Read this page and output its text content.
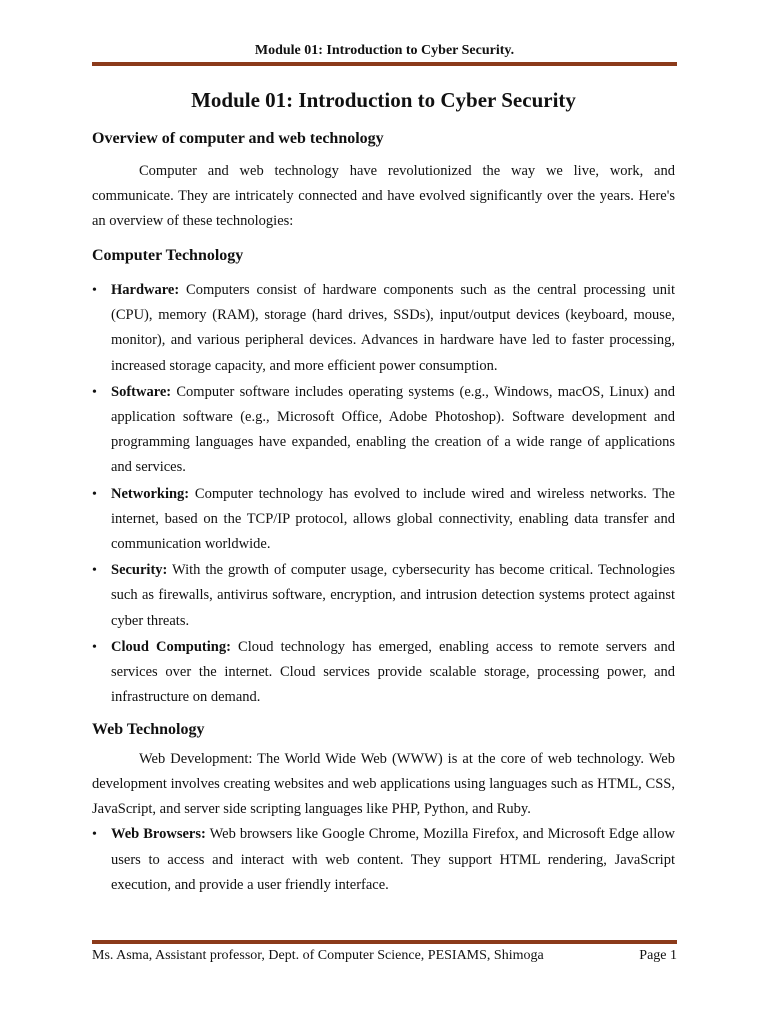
Module 01: Introduction to Cyber Security.
Module 01: Introduction to Cyber Security
Overview of computer and web technology

Computer and web technology have revolutionized the way we live, work, and communicate. They are intricately connected and have evolved significantly over the years. Here's an overview of these technologies:

Computer Technology
• Hardware: Computers consist of hardware components such as the central processing unit (CPU), memory (RAM), storage (hard drives, SSDs), input/output devices (keyboard, mouse, monitor), and various peripheral devices. Advances in hardware have led to faster processing, increased storage capacity, and more efficient power consumption.
• Software: Computer software includes operating systems (e.g., Windows, macOS, Linux) and application software (e.g., Microsoft Office, Adobe Photoshop). Software development and programming languages have expanded, enabling the creation of a wide range of applications and services.
• Networking: Computer technology has evolved to include wired and wireless networks. The internet, based on the TCP/IP protocol, allows global connectivity, enabling data transfer and communication worldwide.
• Security: With the growth of computer usage, cybersecurity has become critical. Technologies such as firewalls, antivirus software, encryption, and intrusion detection systems protect against cyber threats.
• Cloud Computing: Cloud technology has emerged, enabling access to remote servers and services over the internet. Cloud services provide scalable storage, processing power, and infrastructure on demand.
Web Technology

Web Development: The World Wide Web (WWW) is at the core of web technology. Web development involves creating websites and web applications using languages such as HTML, CSS, JavaScript, and server side scripting languages like PHP, Python, and Ruby.

• Web Browsers: Web browsers like Google Chrome, Mozilla Firefox, and Microsoft Edge allow users to access and interact with web content. They support HTML rendering, JavaScript execution, and provide a user friendly interface.
Ms. Asma, Assistant professor, Dept. of Computer Science, PESIAMS, Shimoga	Page 1
